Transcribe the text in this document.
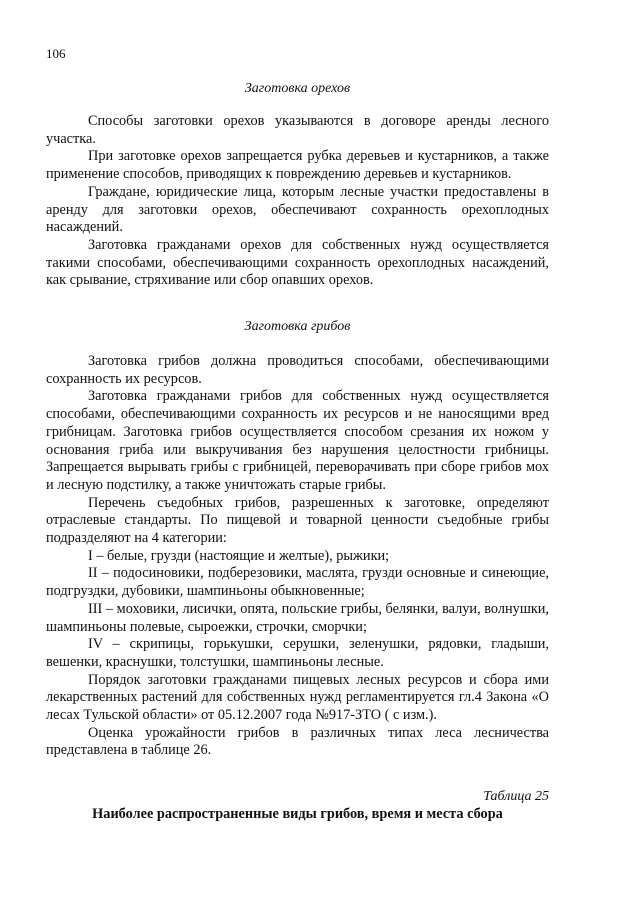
106
Заготовка орехов

Способы заготовки орехов указываются в договоре аренды лесного участка.

При заготовке орехов запрещается рубка деревьев и кустарников, а также применение способов, приводящих к повреждению деревьев и кустарников.

Граждане, юридические лица, которым лесные участки предоставлены в аренду для заготовки орехов, обеспечивают сохранность орехоплодных насаждений.

Заготовка гражданами орехов для собственных нужд осуществляется такими способами, обеспечивающими сохранность орехоплодных насаждений, как срывание, стряхивание или сбор опавших орехов.

Заготовка грибов

Заготовка грибов должна проводиться способами, обеспечивающими сохранность их ресурсов.

Заготовка гражданами грибов для собственных нужд осуществляется способами, обеспечивающими сохранность их ресурсов и не наносящими вред грибницам. Заготовка грибов осуществляется способом срезания их ножом у основания гриба или выкручивания без нарушения целостности грибницы. Запрещается вырывать грибы с грибницей, переворачивать при сборе грибов мох и лесную подстилку, а также уничтожать старые грибы.

Перечень съедобных грибов, разрешенных к заготовке, определяют отраслевые стандарты. По пищевой и товарной ценности съедобные грибы подразделяют на 4 категории:

I – белые, грузди (настоящие и желтые), рыжики;

II – подосиновики, подберезовики, маслята, грузди основные и синеющие, подгруздки, дубовики, шампиньоны обыкновенные;

III – моховики, лисички, опята, польские грибы, белянки, валуи, волнушки, шампиньоны полевые, сыроежки, строчки, сморчки;

IV – скрипицы, горькушки, серушки, зеленушки, рядовки, гладыши, вешенки, краснушки, толстушки, шампиньоны лесные.

Порядок заготовки гражданами пищевых лесных ресурсов и сбора ими лекарственных растений для собственных нужд регламентируется гл.4 Закона «О лесах Тульской области» от 05.12.2007 года №917-ЗТО ( с изм.).

Оценка урожайности грибов в различных типах леса лесничества представлена в таблице 26.

Таблица 25
Наиболее распространенные виды грибов, время и места сбора
